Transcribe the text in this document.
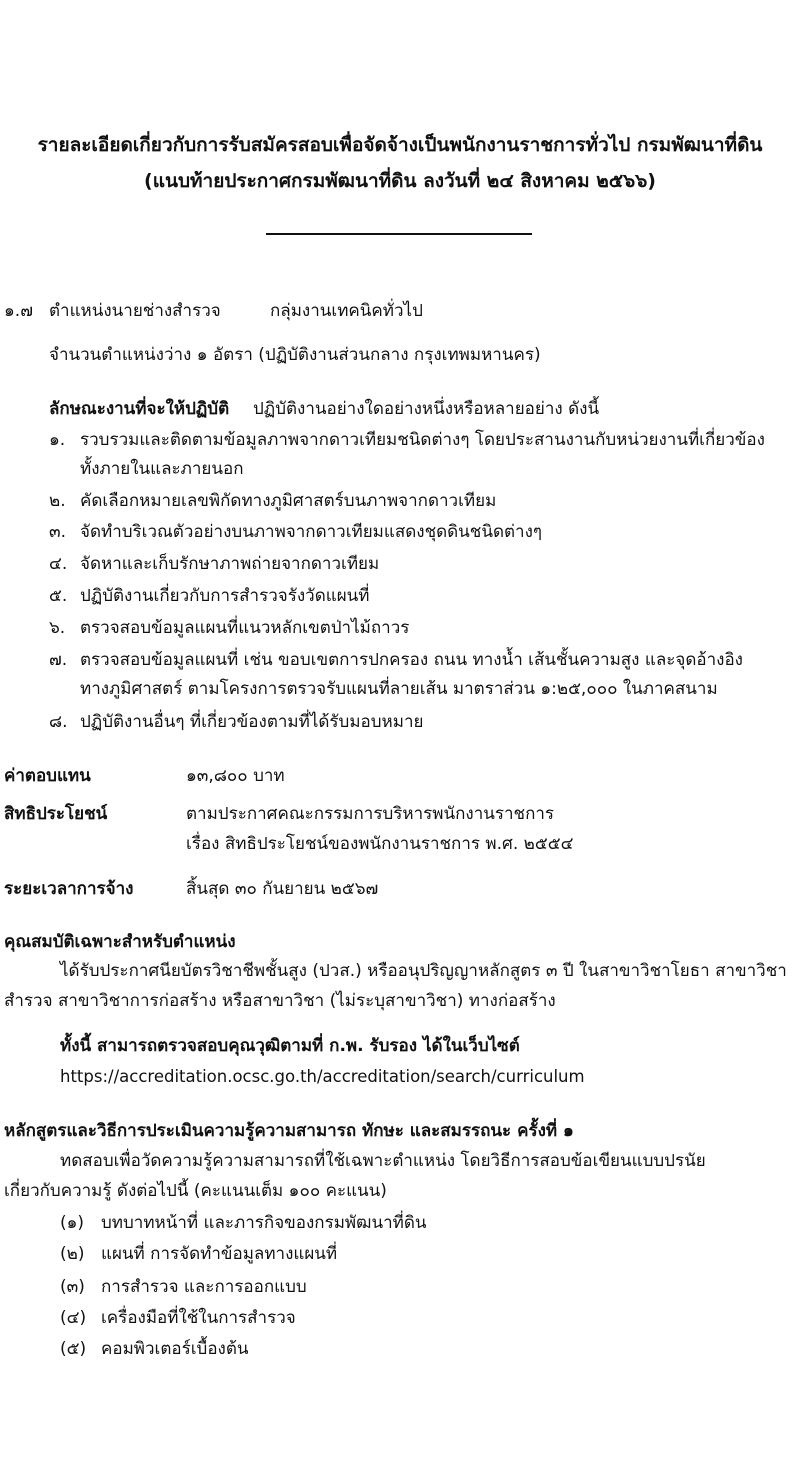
รายละเอียดเกี่ยวกับการรับสมัครสอบเพื่อจัดจ้างเป็นพนักงานราชการทั่วไป กรมพัฒนาที่ดิน
(แนบท้ายประกาศกรมพัฒนาที่ดิน ลงวันที่ ๒๔ สิงหาคม ๒๕๖๖)
๑.๗ ตำแหน่งนายช่างสำรวจ	กลุ่มงานเทคนิคทั่วไป
จำนวนตำแหน่งว่าง ๑ อัตรา (ปฏิบัติงานส่วนกลาง กรุงเทพมหานคร)
ลักษณะงานที่จะให้ปฏิบัติ ปฏิบัติงานอย่างใดอย่างหนึ่งหรือหลายอย่าง ดังนี้
๑. รวบรวมและติดตามข้อมูลภาพจากดาวเทียมชนิดต่างๆ โดยประสานงานกับหน่วยงานที่เกี่ยวข้อง
ทั้งภายในและภายนอก
๒. คัดเลือกหมายเลขพิกัดทางภูมิศาสตร์บนภาพจากดาวเทียม
๓. จัดทำบริเวณตัวอย่างบนภาพจากดาวเทียมแสดงชุดดินชนิดต่างๆ
๔. จัดหาและเก็บรักษาภาพถ่ายจากดาวเทียม
๕. ปฏิบัติงานเกี่ยวกับการสำรวจรังวัดแผนที่
๖. ตรวจสอบข้อมูลแผนที่แนวหลักเขตป่าไม้ถาวร
๗. ตรวจสอบข้อมูลแผนที่ เช่น ขอบเขตการปกครอง ถนน ทางน้ำ เส้นชั้นความสูง และจุดอ้างอิง
ทางภูมิศาสตร์ ตามโครงการตรวจรับแผนที่ลายเส้น มาตราส่วน ๑:๒๕,๐๐๐ ในภาคสนาม
๘. ปฏิบัติงานอื่นๆ ที่เกี่ยวข้องตามที่ได้รับมอบหมาย
ค่าตอบแทน	๑๓,๘๐๐ บาท
สิทธิประโยชน์	ตามประกาศคณะกรรมการบริหารพนักงานราชการ
เรื่อง สิทธิประโยชน์ของพนักงานราชการ พ.ศ. ๒๕๕๔
ระยะเวลาการจ้าง	สิ้นสุด ๓๐ กันยายน ๒๕๖๗
คุณสมบัติเฉพาะสำหรับตำแหน่ง
ได้รับประกาศนียบัตรวิชาชีพชั้นสูง (ปวส.) หรืออนุปริญญาหลักสูตร ๓ ปี ในสาขาวิชาโยธา สาขาวิชา
สำรวจ สาขาวิชาการก่อสร้าง หรือสาขาวิชา (ไม่ระบุสาขาวิชา) ทางก่อสร้าง
ทั้งนี้ สามารถตรวจสอบคุณวุฒิตามที่ ก.พ. รับรอง ได้ในเว็บไซต์
https://accreditation.ocsc.go.th/accreditation/search/curriculum
หลักสูตรและวิธีการประเมินความรู้ความสามารถ ทักษะ และสมรรถนะ ครั้งที่ ๑
ทดสอบเพื่อวัดความรู้ความสามารถที่ใช้เฉพาะตำแหน่ง โดยวิธีการสอบข้อเขียนแบบปรนัย
เกี่ยวกับความรู้ ดังต่อไปนี้ (คะแนนเต็ม ๑๐๐ คะแนน)
(๑) บทบาทหน้าที่ และภารกิจของกรมพัฒนาที่ดิน
(๒) แผนที่ การจัดทำข้อมูลทางแผนที่
(๓) การสำรวจ และการออกแบบ
(๔) เครื่องมือที่ใช้ในการสำรวจ
(๕) คอมพิวเตอร์เบื้องต้น
